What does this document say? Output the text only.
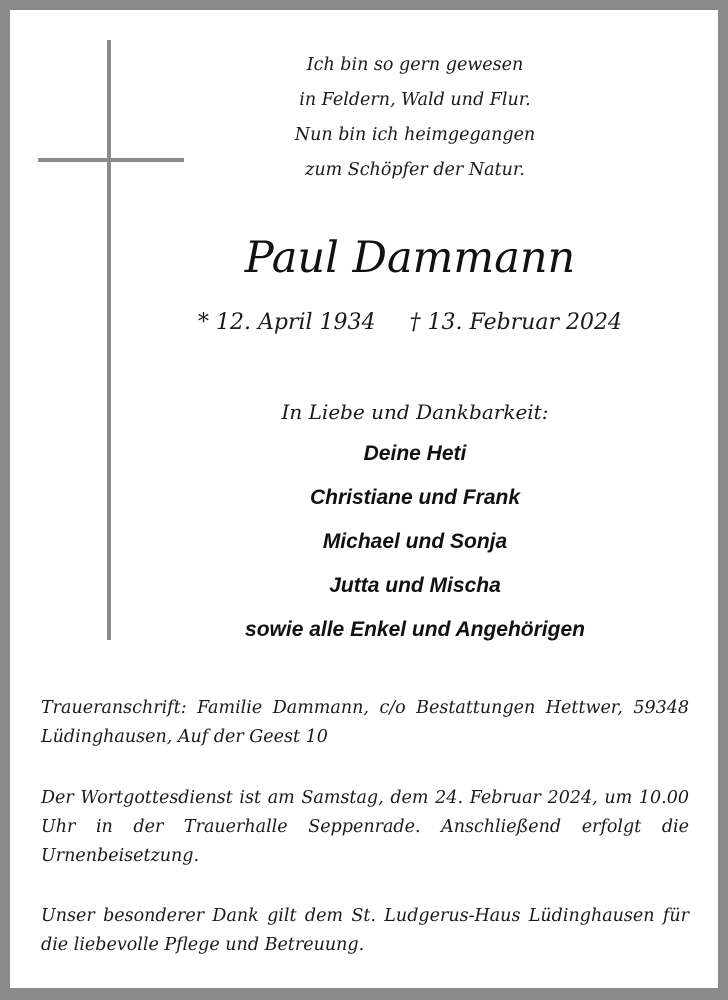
Ich bin so gern gewesen
in Feldern, Wald und Flur.
Nun bin ich heimgegangen
zum Schöpfer der Natur.
Paul Dammann
* 12. April 1934 † 13. Februar 2024
In Liebe und Dankbarkeit:
Deine Heti
Christiane und Frank
Michael und Sonja
Jutta und Mischa
sowie alle Enkel und Angehörigen
Traueranschrift: Familie Dammann, c/o Bestattungen Hettwer, 59348 Lüdinghausen, Auf der Geest 10
Der Wortgottesdienst ist am Samstag, dem 24. Februar 2024, um 10.00 Uhr in der Trauerhalle Seppenrade. Anschließend erfolgt die Urnenbeisetzung.
Unser besonderer Dank gilt dem St. Ludgerus-Haus Lüdinghausen für die liebevolle Pflege und Betreuung.
